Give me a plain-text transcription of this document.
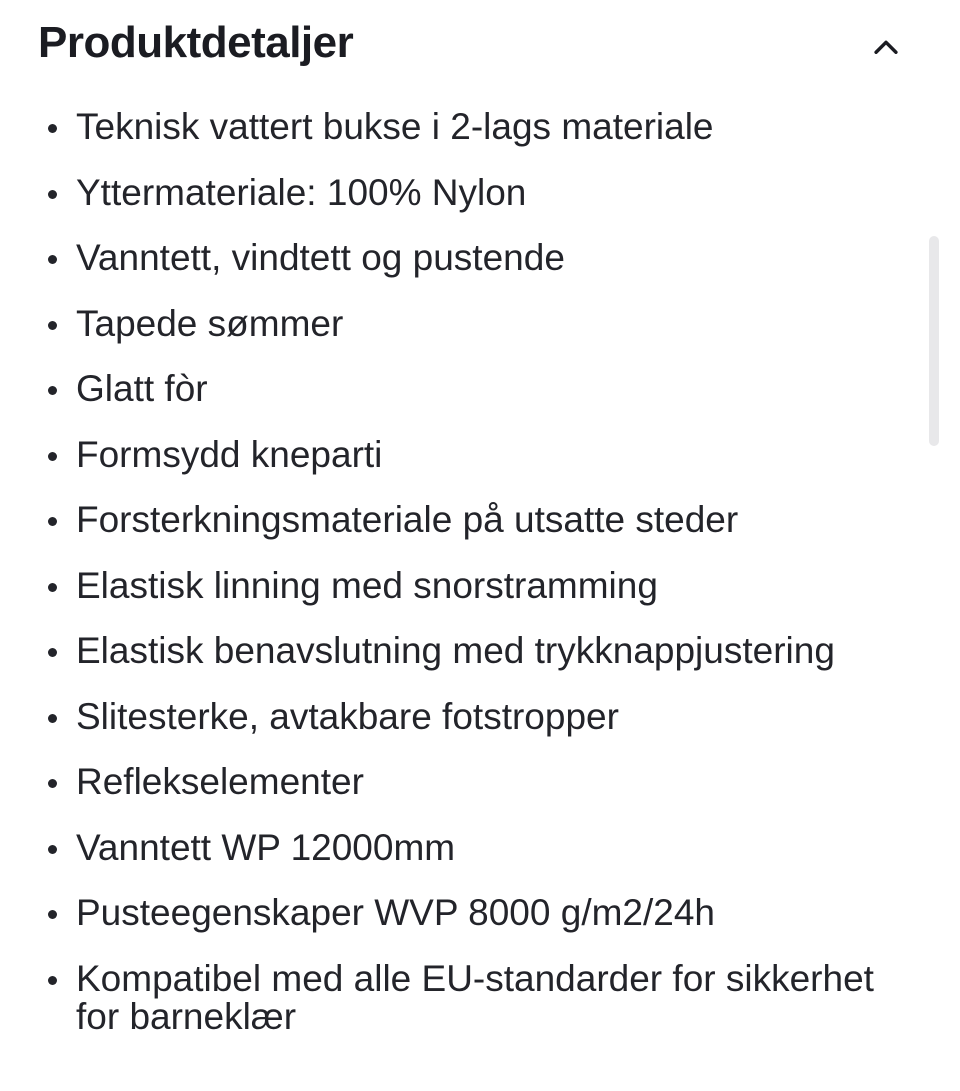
Produktdetaljer
Teknisk vattert bukse i 2-lags materiale
Yttermateriale: 100% Nylon
Vanntett, vindtett og pustende
Tapede sømmer
Glatt fòr
Formsydd kneparti
Forsterkningsmateriale på utsatte steder
Elastisk linning med snorstramming
Elastisk benavslutning med trykknappjustering
Slitesterke, avtakbare fotstropper
Reflekselementer
Vanntett WP 12000mm
Pusteegenskaper WVP 8000 g/m2/24h
Kompatibel med alle EU-standarder for sikkerhet for barneklær
